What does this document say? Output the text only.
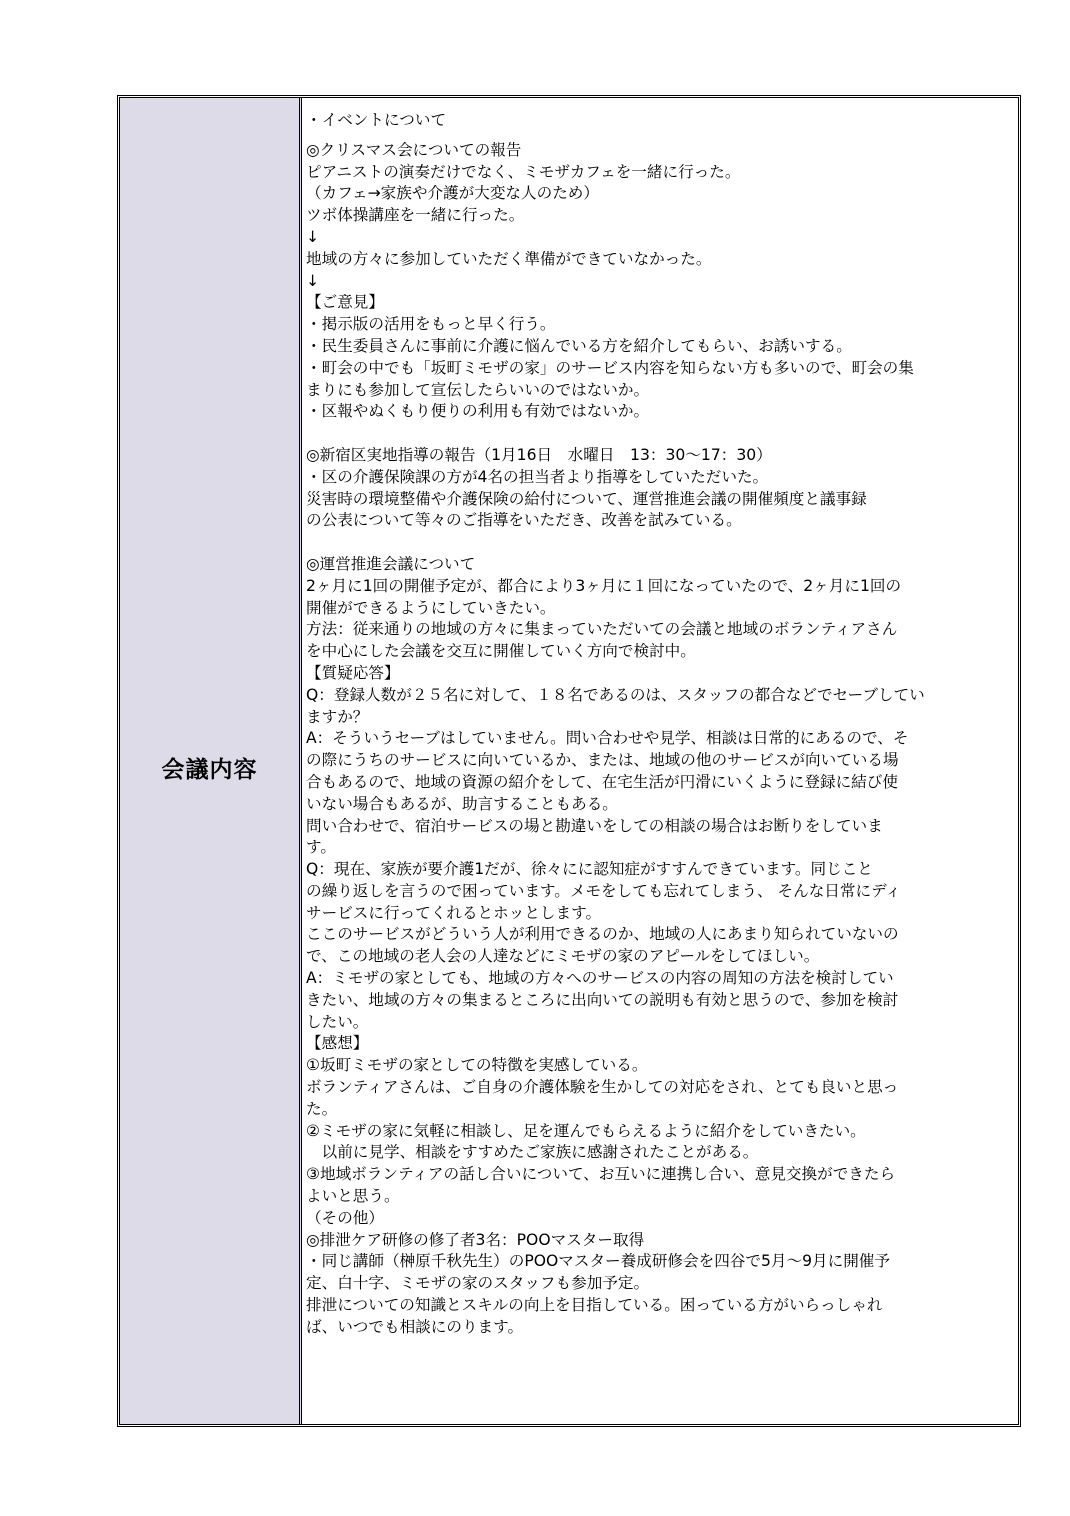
会議内容
・イベントについて
◎クリスマス会についての報告
ピアニストの演奏だけでなく、ミモザカフェを一緒に行った。
（カフェ→家族や介護が大変な人のため）
ツボ体操講座を一緒に行った。
↓
地域の方々に参加していただく準備ができていなかった。
↓
【ご意見】
・掲示版の活用をもっと早く行う。
・民生委員さんに事前に介護に悩んでいる方を紹介してもらい、お誘いする。
・町会の中でも「坂町ミモザの家」のサービス内容を知らない方も多いので、町会の集
まりにも参加して宣伝したらいいのではないか。
・区報やぬくもり便りの利用も有効ではないか。
◎新宿区実地指導の報告（1月16日　水曜日　13：30～17：30）
・区の介護保険課の方が4名の担当者より指導をしていただいた。
災害時の環境整備や介護保険の給付について、運営推進会議の開催頻度と議事録
の公表について等々のご指導をいただき、改善を試みている。
◎運営推進会議について
2ヶ月に1回の開催予定が、都合により3ヶ月に１回になっていたので、2ヶ月に1回の
開催ができるようにしていきたい。
方法：従来通りの地域の方々に集まっていただいての会議と地域のボランティアさん
を中心にした会議を交互に開催していく方向で検討中。
【質疑応答】
Q：登録人数が２５名に対して、１８名であるのは、スタッフの都合などでセーブしてい
ますか？
A：そういうセーブはしていません。問い合わせや見学、相談は日常的にあるので、そ
の際にうちのサービスに向いているか、または、地域の他のサービスが向いている場
合もあるので、地域の資源の紹介をして、在宅生活が円滑にいくように登録に結び使
いない場合もあるが、助言することもある。
問い合わせで、宿泊サービスの場と勘違いをしての相談の場合はお断りをしていま
す。
Q：現在、家族が要介護1だが、徐々にに認知症がすすんできています。同じこと
の繰り返しを言うので困っています。メモをしても忘れてしまう、 そんな日常にディ
サービスに行ってくれるとホッとします。
ここのサービスがどういう人が利用できるのか、地域の人にあまり知られていないの
で、この地域の老人会の人達などにミモザの家のアピールをしてほしい。
A：ミモザの家としても、地域の方々へのサービスの内容の周知の方法を検討してい
きたい、地域の方々の集まるところに出向いての説明も有効と思うので、参加を検討
したい。
【感想】
①坂町ミモザの家としての特徴を実感している。
ボランティアさんは、ご自身の介護体験を生かしての対応をされ、とても良いと思っ
た。
②ミモザの家に気軽に相談し、足を運んでもらえるように紹介をしていきたい。
　以前に見学、相談をすすめたご家族に感謝されたことがある。
③地域ボランティアの話し合いについて、お互いに連携し合い、意見交換ができたら
よいと思う。
（その他）
◎排泄ケア研修の修了者3名：POOマスター取得
・同じ講師（榊原千秋先生）のPOOマスター養成研修会を四谷で5月～9月に開催予
定、白十字、ミモザの家のスタッフも参加予定。
排泄についての知識とスキルの向上を目指している。困っている方がいらっしゃれ
ば、いつでも相談にのります。
